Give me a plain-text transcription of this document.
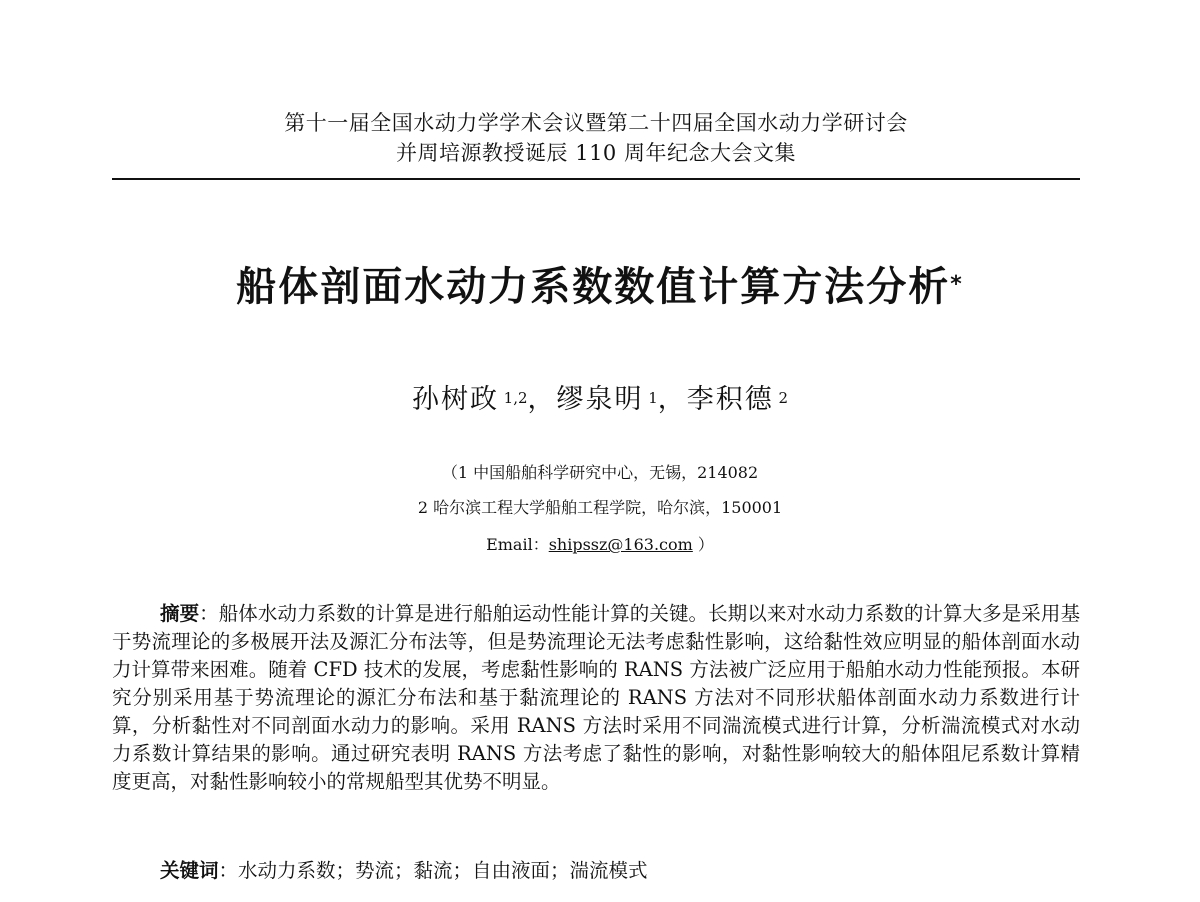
第十一届全国水动力学学术会议暨第二十四届全国水动力学研讨会
并周培源教授诞辰 110 周年纪念大会文集
船体剖面水动力系数数值计算方法分析*
孙树政  $^{1,2}$，缪泉明  $^1$，李积德  $^2$
（1 中国船舶科学研究中心，无锡，214082
2 哈尔滨工程大学船舶工程学院，哈尔滨，150001
Email：shipssz@163.com ）
摘要：船体水动力系数的计算是进行船舶运动性能计算的关键。长期以来对水动力系数的计算大多是采用基于势流理论的多极展开法及源汇分布法等，但是势流理论无法考虑黏性影响，这给黏性效应明显的船体剖面水动力计算带来困难。随着 CFD 技术的发展，考虑黏性影响的 RANS 方法被广泛应用于船舶水动力性能预报。本研究分别采用基于势流理论的源汇分布法和基于黏流理论的 RANS 方法对不同形状船体剖面水动力系数进行计算，分析黏性对不同剖面水动力的影响。采用 RANS 方法时采用不同湍流模式进行计算，分析湍流模式对水动力系数计算结果的影响。通过研究表明 RANS 方法考虑了黏性的影响，对黏性影响较大的船体阻尼系数计算精度更高，对黏性影响较小的常规船型其优势不明显。
关键词：水动力系数；势流；黏流；自由液面；湍流模式
